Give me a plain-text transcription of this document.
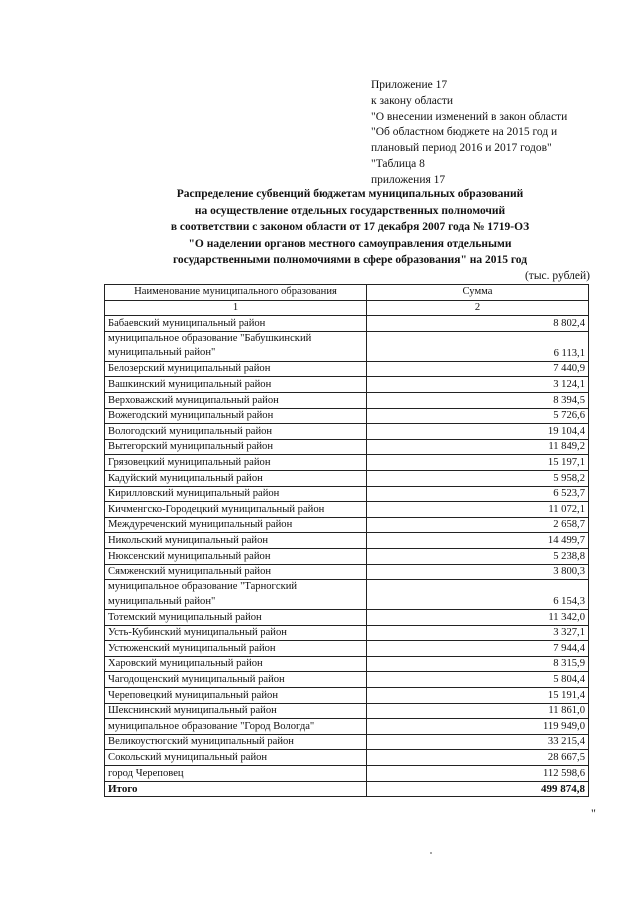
Приложение 17
к закону области
"О внесении изменений в закон области
"Об областном бюджете на 2015 год и
плановый период 2016 и 2017 годов"
"Таблица 8
приложения 17
Распределение субвенций бюджетам муниципальных образований
на осуществление отдельных государственных полномочий
в соответствии с законом области от 17 декабря 2007 года № 1719-ОЗ
"О наделении органов местного самоуправления отдельными
государственными полномочиями в сфере образования" на 2015 год
(тыс. рублей)
Наименование муниципального образования	Сумма
1	2
Бабаевский муниципальный район	8 802,4
муниципальное образование "Бабушкинский муниципальный район"	6 113,1
Белозерский муниципальный район	7 440,9
Вашкинский муниципальный район	3 124,1
Верховажский муниципальный район	8 394,5
Вожегодский муниципальный район	5 726,6
Вологодский муниципальный район	19 104,4
Вытегорский муниципальный район	11 849,2
Грязовецкий муниципальный район	15 197,1
Кадуйский муниципальный район	5 958,2
Кирилловский муниципальный район	6 523,7
Кичменгско-Городецкий муниципальный район	11 072,1
Междуреченский муниципальный район	2 658,7
Никольский муниципальный район	14 499,7
Нюксенский муниципальный район	5 238,8
Сямженский муниципальный район	3 800,3
муниципальное образование "Тарногский муниципальный район"	6 154,3
Тотемский муниципальный район	11 342,0
Усть-Кубинский муниципальный район	3 327,1
Устюженский муниципальный район	7 944,4
Харовский муниципальный район	8 315,9
Чагодощенский муниципальный район	5 804,4
Череповецкий муниципальный район	15 191,4
Шекснинский муниципальный район	11 861,0
муниципальное образование "Город Вологда"	119 949,0
Великоустюгский муниципальный район	33 215,4
Сокольский муниципальный район	28 667,5
город Череповец	112 598,6
Итого	499 874,8
"
